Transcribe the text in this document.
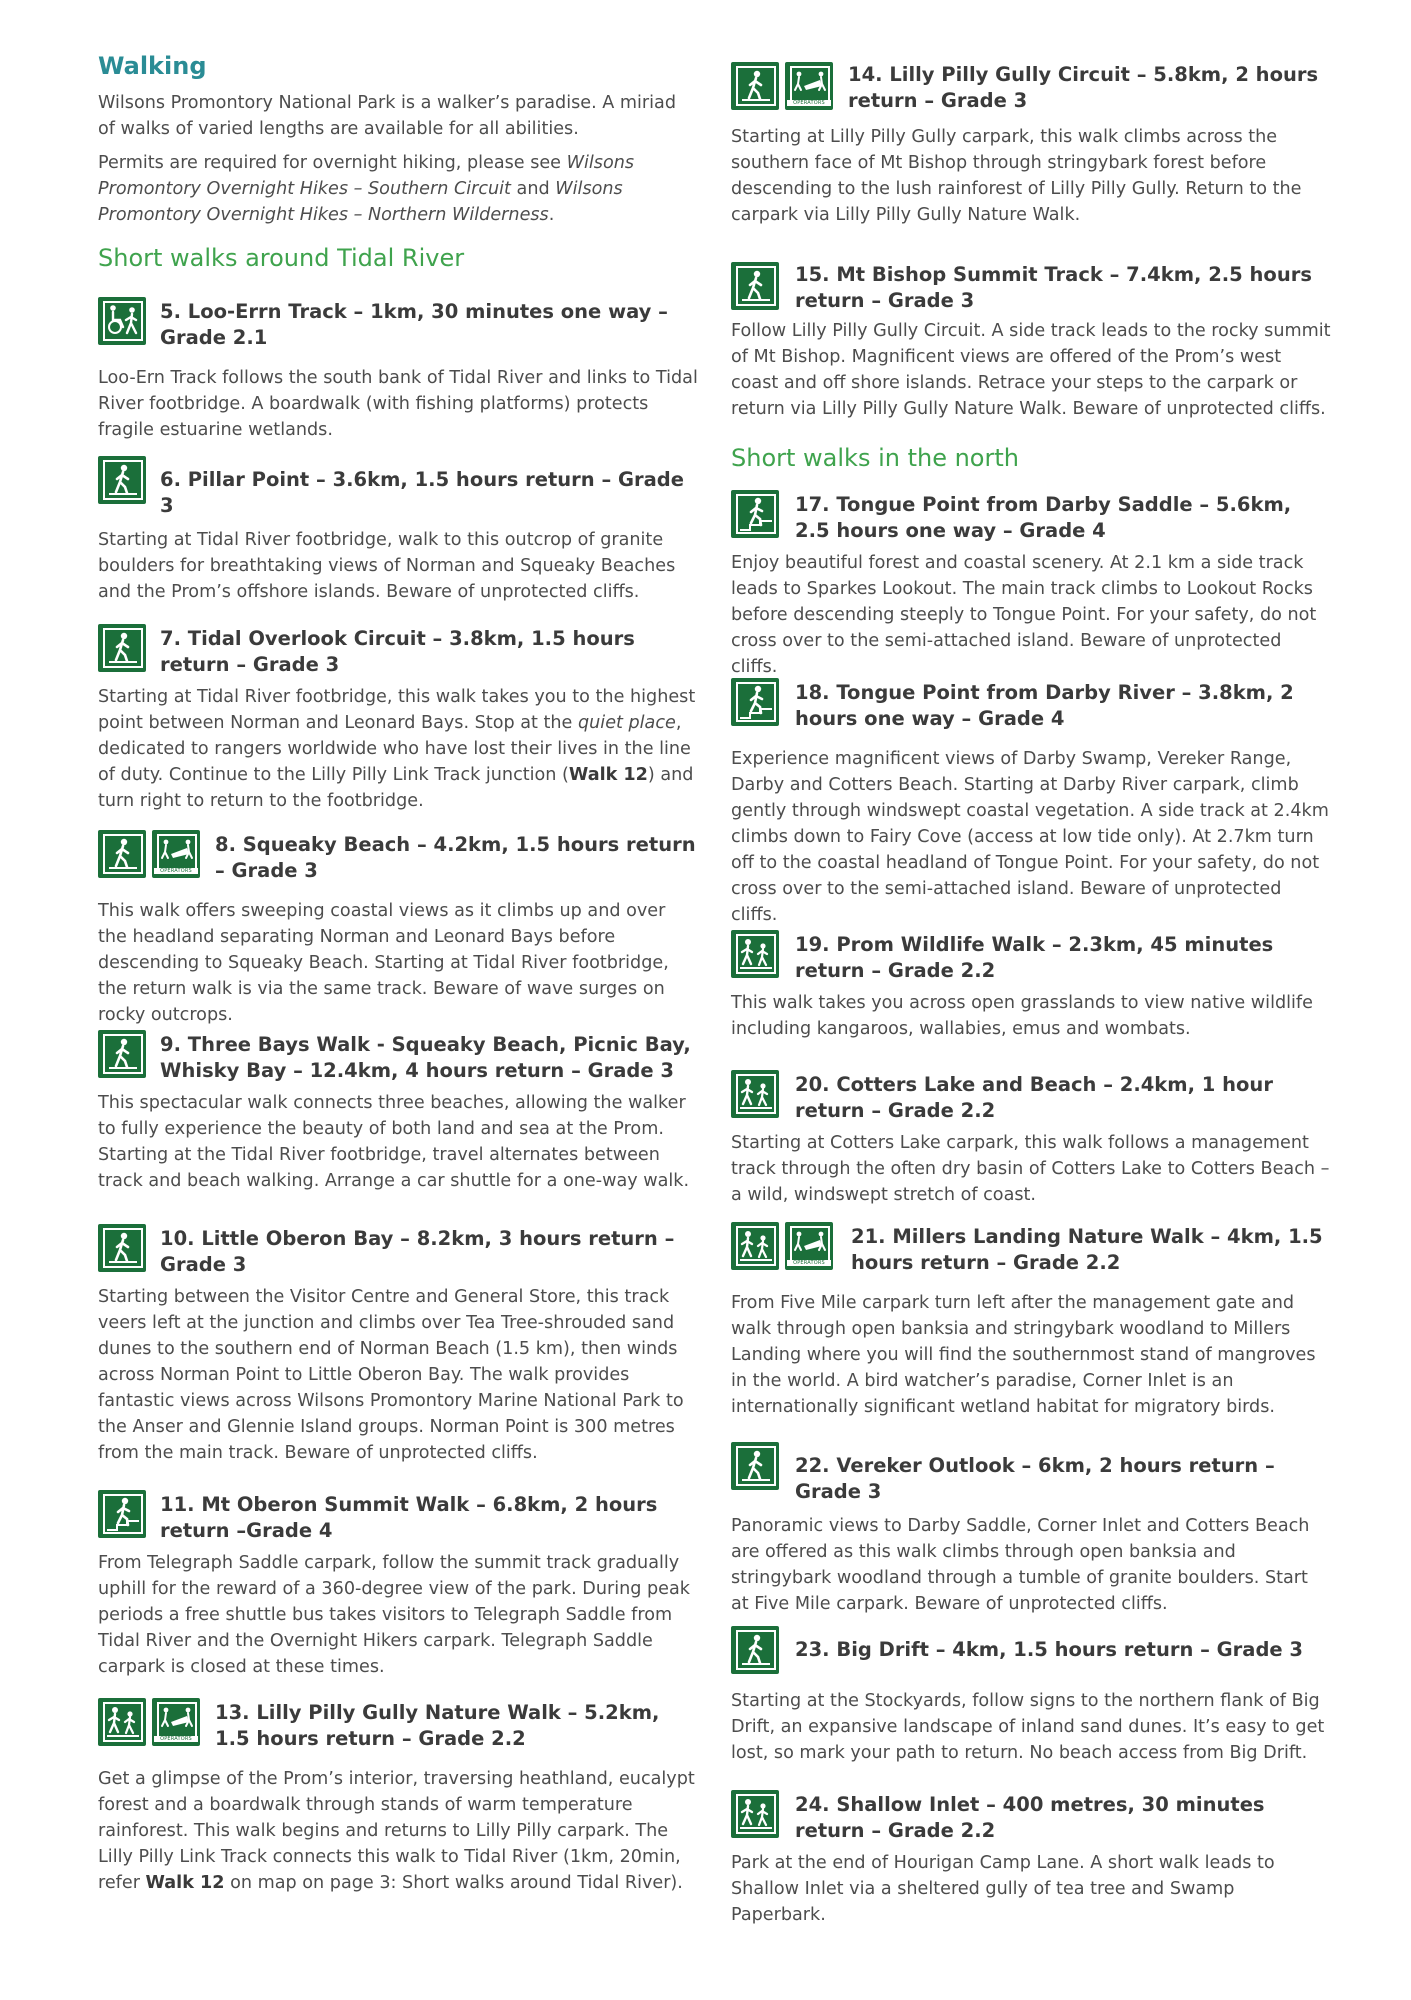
Walking

Wilsons Promontory National Park is a walker’s paradise. A miriad of walks of varied lengths are available for all abilities.

Permits are required for overnight hiking, please see Wilsons Promontory Overnight Hikes – Southern Circuit and Wilsons Promontory Overnight Hikes – Northern Wilderness.

Short walks around Tidal River

5. Loo-Errn Track – 1km, 30 minutes one way – Grade 2.1

Loo-Ern Track follows the south bank of Tidal River and links to Tidal River footbridge. A boardwalk (with fishing platforms) protects fragile estuarine wetlands.

6. Pillar Point – 3.6km, 1.5 hours return – Grade 3

Starting at Tidal River footbridge, walk to this outcrop of granite boulders for breathtaking views of Norman and Squeaky Beaches and the Prom’s offshore islands. Beware of unprotected cliffs.

7. Tidal Overlook Circuit – 3.8km, 1.5 hours return – Grade 3

Starting at Tidal River footbridge, this walk takes you to the highest point between Norman and Leonard Bays. Stop at the quiet place, dedicated to rangers worldwide who have lost their lives in the line of duty. Continue to the Lilly Pilly Link Track junction (Walk 12) and turn right to return to the footbridge.

OPERATORS

8. Squeaky Beach – 4.2km, 1.5 hours return – Grade 3

This walk offers sweeping coastal views as it climbs up and over the headland separating Norman and Leonard Bays before descending to Squeaky Beach. Starting at Tidal River footbridge, the return walk is via the same track. Beware of wave surges on rocky outcrops.

9. Three Bays Walk - Squeaky Beach, Picnic Bay, Whisky Bay – 12.4km, 4 hours return – Grade 3

This spectacular walk connects three beaches, allowing the walker to fully experience the beauty of both land and sea at the Prom. Starting at the Tidal River footbridge, travel alternates between track and beach walking. Arrange a car shuttle for a one-way walk.

10. Little Oberon Bay – 8.2km, 3 hours return – Grade 3

Starting between the Visitor Centre and General Store, this track veers left at the junction and climbs over Tea Tree-shrouded sand dunes to the southern end of Norman Beach (1.5 km), then winds across Norman Point to Little Oberon Bay. The walk provides fantastic views across Wilsons Promontory Marine National Park to the Anser and Glennie Island groups. Norman Point is 300 metres from the main track. Beware of unprotected cliffs.

11. Mt Oberon Summit Walk – 6.8km, 2 hours return –Grade 4

From Telegraph Saddle carpark, follow the summit track gradually uphill for the reward of a 360-degree view of the park. During peak periods a free shuttle bus takes visitors to Telegraph Saddle from Tidal River and the Overnight Hikers carpark. Telegraph Saddle carpark is closed at these times.

OPERATORS

13. Lilly Pilly Gully Nature Walk – 5.2km, 1.5 hours return – Grade 2.2

Get a glimpse of the Prom’s interior, traversing heathland, eucalypt forest and a boardwalk through stands of warm temperature rainforest. This walk begins and returns to Lilly Pilly carpark. The Lilly Pilly Link Track connects this walk to Tidal River (1km, 20min, refer Walk 12 on map on page 3: Short walks around Tidal River).

OPERATORS

14. Lilly Pilly Gully Circuit – 5.8km, 2 hours return – Grade 3

Starting at Lilly Pilly Gully carpark, this walk climbs across the southern face of Mt Bishop through stringybark forest before descending to the lush rainforest of Lilly Pilly Gully. Return to the carpark via Lilly Pilly Gully Nature Walk.

15. Mt Bishop Summit Track – 7.4km, 2.5 hours return – Grade 3

Follow Lilly Pilly Gully Circuit. A side track leads to the rocky summit of Mt Bishop. Magnificent views are offered of the Prom’s west coast and off shore islands. Retrace your steps to the carpark or return via Lilly Pilly Gully Nature Walk. Beware of unprotected cliffs.

Short walks in the north

17. Tongue Point from Darby Saddle – 5.6km, 2.5 hours one way – Grade 4

Enjoy beautiful forest and coastal scenery. At 2.1 km a side track leads to Sparkes Lookout. The main track climbs to Lookout Rocks before descending steeply to Tongue Point. For your safety, do not cross over to the semi-attached island. Beware of unprotected cliffs.

18. Tongue Point from Darby River – 3.8km, 2 hours one way – Grade 4

Experience magnificent views of Darby Swamp, Vereker Range, Darby and Cotters Beach. Starting at Darby River carpark, climb gently through windswept coastal vegetation. A side track at 2.4km climbs down to Fairy Cove (access at low tide only). At 2.7km turn off to the coastal headland of Tongue Point. For your safety, do not cross over to the semi-attached island. Beware of unprotected cliffs.

19. Prom Wildlife Walk – 2.3km, 45 minutes return – Grade 2.2

This walk takes you across open grasslands to view native wildlife including kangaroos, wallabies, emus and wombats.

20. Cotters Lake and Beach – 2.4km, 1 hour return – Grade 2.2

Starting at Cotters Lake carpark, this walk follows a management track through the often dry basin of Cotters Lake to Cotters Beach – a wild, windswept stretch of coast.

OPERATORS

21. Millers Landing Nature Walk – 4km, 1.5 hours return – Grade 2.2

From Five Mile carpark turn left after the management gate and walk through open banksia and stringybark woodland to Millers Landing where you will find the southernmost stand of mangroves in the world. A bird watcher’s paradise, Corner Inlet is an internationally significant wetland habitat for migratory birds.

22. Vereker Outlook – 6km, 2 hours return – Grade 3

Panoramic views to Darby Saddle, Corner Inlet and Cotters Beach are offered as this walk climbs through open banksia and stringybark woodland through a tumble of granite boulders. Start at Five Mile carpark. Beware of unprotected cliffs.

23. Big Drift – 4km, 1.5 hours return – Grade 3

Starting at the Stockyards, follow signs to the northern flank of Big Drift, an expansive landscape of inland sand dunes. It’s easy to get lost, so mark your path to return. No beach access from Big Drift.

24. Shallow Inlet – 400 metres, 30 minutes return – Grade 2.2

Park at the end of Hourigan Camp Lane. A short walk leads to Shallow Inlet via a sheltered gully of tea tree and Swamp Paperbark.
